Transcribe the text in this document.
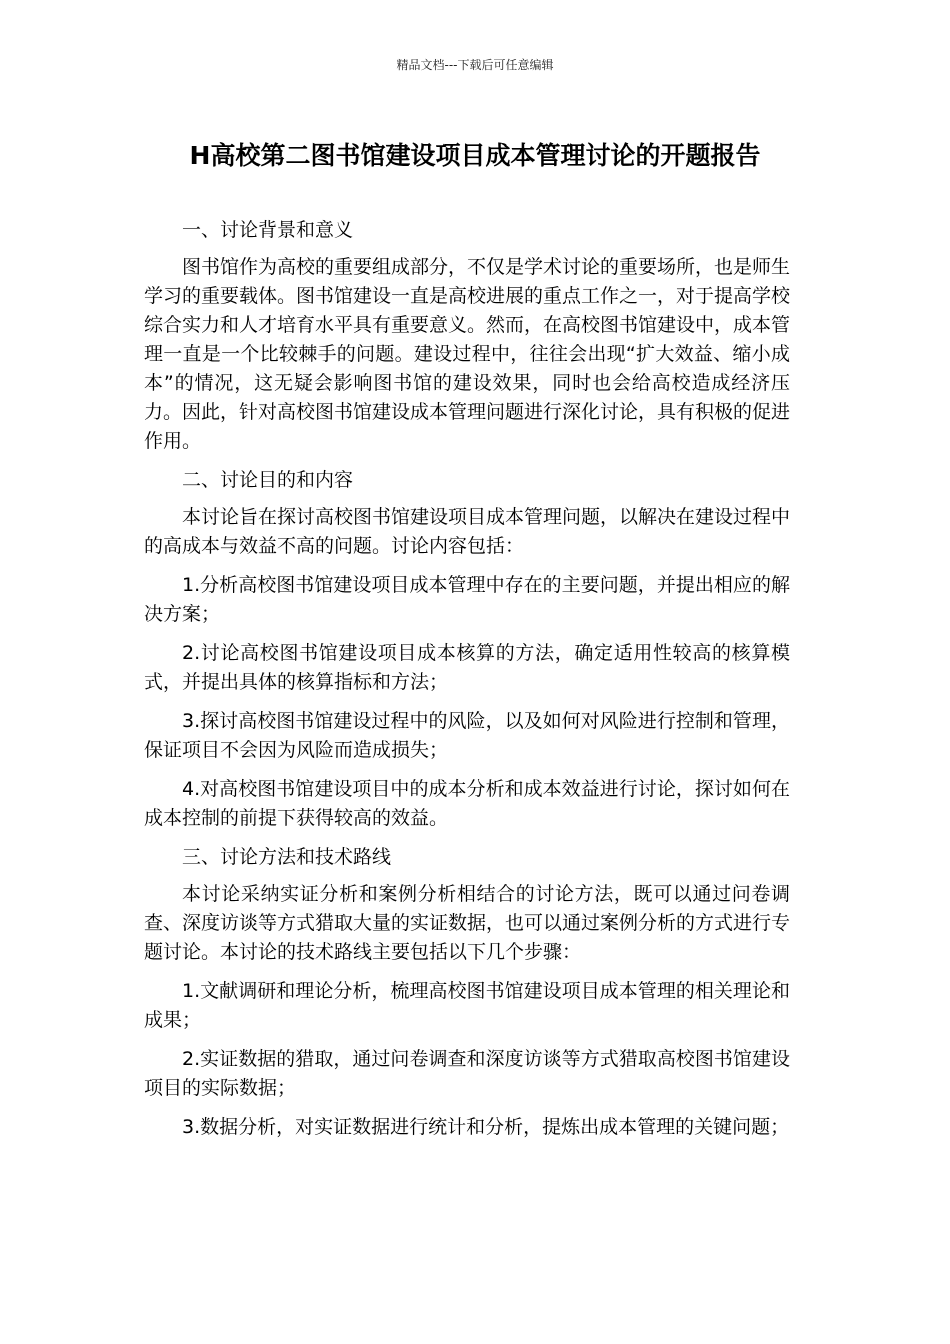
精品文档---下载后可任意编辑
H高校第二图书馆建设项目成本管理讨论的开题报告

一、讨论背景和意义

图书馆作为高校的重要组成部分，不仅是学术讨论的重要场所，也是师生学习的重要载体。图书馆建设一直是高校进展的重点工作之一，对于提高学校综合实力和人才培育水平具有重要意义。然而，在高校图书馆建设中，成本管理一直是一个比较棘手的问题。建设过程中，往往会出现“扩大效益、缩小成本”的情况，这无疑会影响图书馆的建设效果，同时也会给高校造成经济压力。因此，针对高校图书馆建设成本管理问题进行深化讨论，具有积极的促进作用。

二、讨论目的和内容

本讨论旨在探讨高校图书馆建设项目成本管理问题，以解决在建设过程中的高成本与效益不高的问题。讨论内容包括：

1.分析高校图书馆建设项目成本管理中存在的主要问题，并提出相应的解决方案；

2.讨论高校图书馆建设项目成本核算的方法，确定适用性较高的核算模式，并提出具体的核算指标和方法；

3.探讨高校图书馆建设过程中的风险，以及如何对风险进行控制和管理，保证项目不会因为风险而造成损失；

4.对高校图书馆建设项目中的成本分析和成本效益进行讨论，探讨如何在成本控制的前提下获得较高的效益。

三、讨论方法和技术路线

本讨论采纳实证分析和案例分析相结合的讨论方法，既可以通过问卷调查、深度访谈等方式猎取大量的实证数据，也可以通过案例分析的方式进行专题讨论。本讨论的技术路线主要包括以下几个步骤：

1.文献调研和理论分析，梳理高校图书馆建设项目成本管理的相关理论和成果；

2.实证数据的猎取，通过问卷调查和深度访谈等方式猎取高校图书馆建设项目的实际数据；

3.数据分析，对实证数据进行统计和分析，提炼出成本管理的关键问题；
